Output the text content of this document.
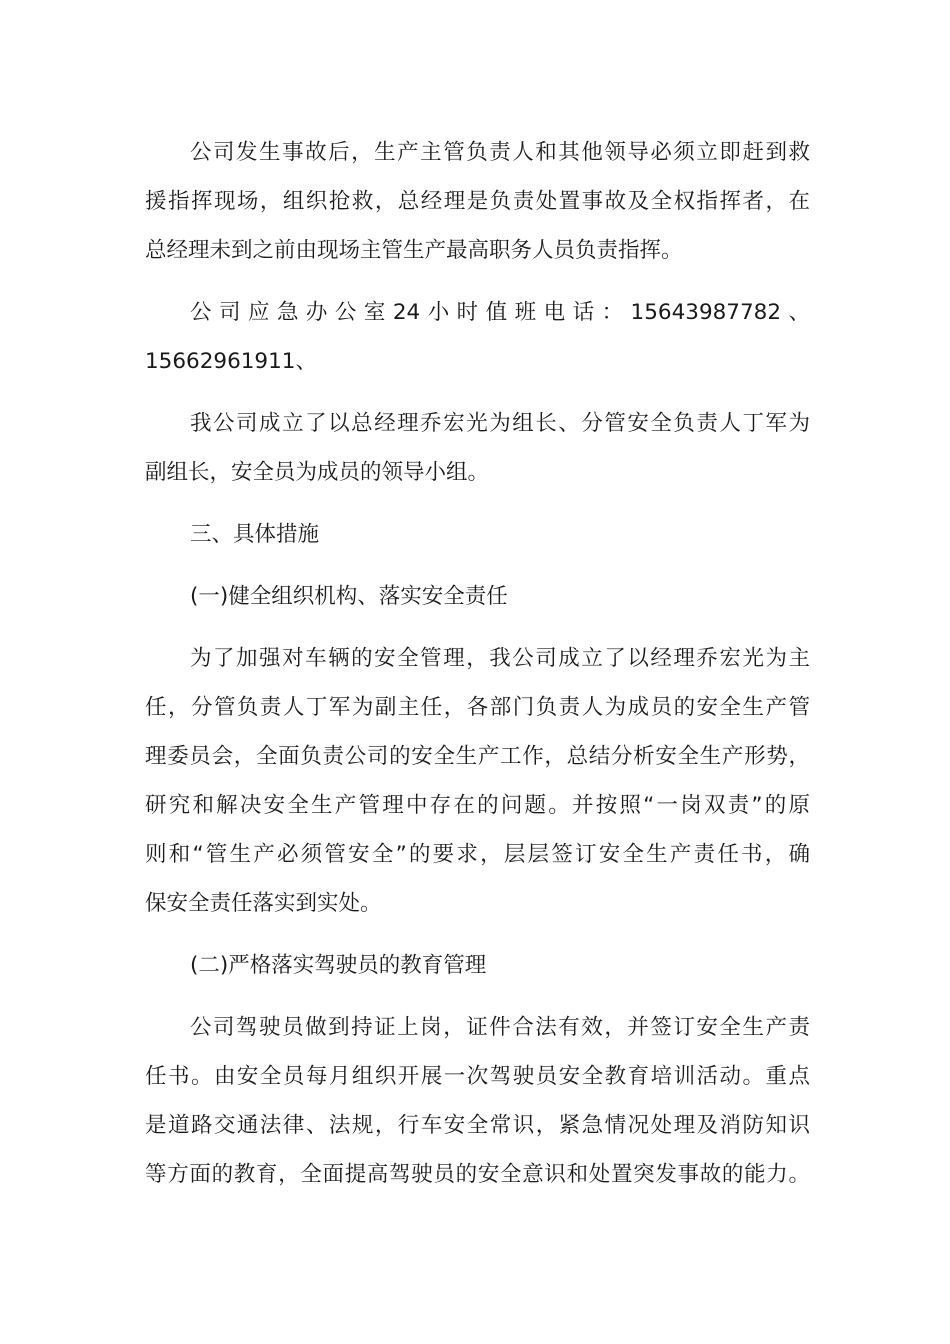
公司发生事故后，生产主管负责人和其他领导必须立即赶到救
援指挥现场，组织抢救，总经理是负责处置事故及全权指挥者，在
总经理未到之前由现场主管生产最高职务人员负责指挥。
公司应急办公室24小时值班电话：15643987782、
15662961911、
我公司成立了以总经理乔宏光为组长、分管安全负责人丁军为
副组长，安全员为成员的领导小组。
三、具体措施
(一)健全组织机构、落实安全责任
为了加强对车辆的安全管理，我公司成立了以经理乔宏光为主
任，分管负责人丁军为副主任，各部门负责人为成员的安全生产管
理委员会，全面负责公司的安全生产工作，总结分析安全生产形势，
研究和解决安全生产管理中存在的问题。并按照“一岗双责”的原
则和“管生产必须管安全”的要求，层层签订安全生产责任书，确
保安全责任落实到实处。
(二)严格落实驾驶员的教育管理
公司驾驶员做到持证上岗，证件合法有效，并签订安全生产责
任书。由安全员每月组织开展一次驾驶员安全教育培训活动。重点
是道路交通法律、法规，行车安全常识，紧急情况处理及消防知识
等方面的教育，全面提高驾驶员的安全意识和处置突发事故的能力。
